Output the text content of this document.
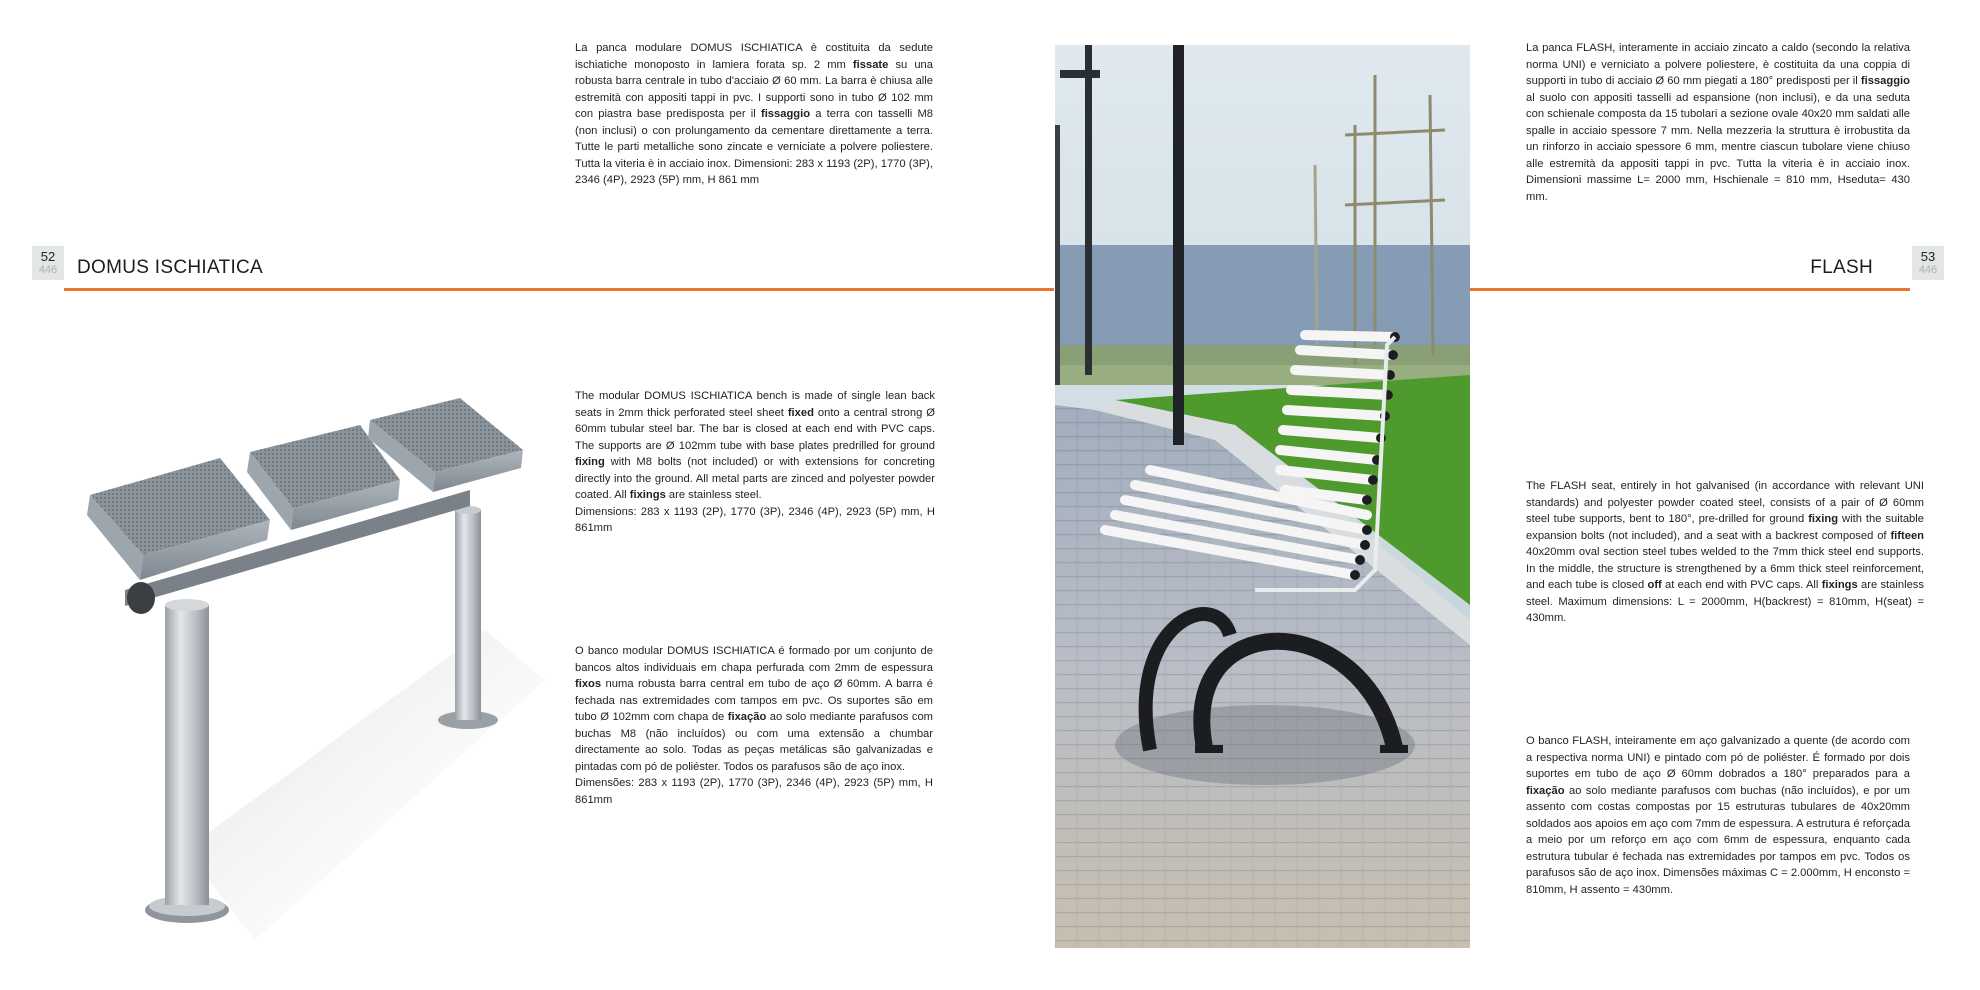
52
446	DOMUS ISCHIATICA

La panca modulare DOMUS ISCHIATICA è costituita da sedute ischiatiche monoposto in lamiera forata sp. 2 mm fissate su una robusta barra centrale in tubo d'acciaio Ø 60 mm. La barra è chiusa alle estremità con appositi tappi in pvc. I supporti sono in tubo Ø 102 mm con piastra base predisposta per il fissaggio a terra con tasselli M8 (non inclusi) o con prolungamento da cementare direttamente a terra. Tutte le parti metalliche sono zincate e verniciate a polvere poliestere. Tutta la viteria è in acciaio inox. Dimensioni: 283 x 1193 (2P), 1770 (3P), 2346 (4P), 2923 (5P) mm, H 861 mm

The modular DOMUS ISCHIATICA bench is made of single lean back seats in 2mm thick perforated steel sheet fixed onto a central strong Ø 60mm tubular steel bar. The bar is closed at each end with PVC caps. The supports are Ø 102mm tube with base plates predrilled for ground fixing with M8 bolts (not included) or with extensions for concreting directly into the ground. All metal parts are zinced and polyester powder coated. All fixings are stainless steel.
Dimensions: 283 x 1193 (2P), 1770 (3P), 2346 (4P), 2923 (5P) mm, H 861mm

O banco modular DOMUS ISCHIATICA é formado por um conjunto de bancos altos individuais em chapa perfurada com 2mm de espessura fixos numa robusta barra central em tubo de aço Ø 60mm. A barra é fechada nas extremidades com tampos em pvc. Os suportes são em tubo Ø 102mm com chapa de fixação ao solo mediante parafusos com buchas M8 (não incluídos) ou com uma extensão a chumbar directamente ao solo. Todas as peças metálicas são galvanizadas e pintadas com pó de poliéster. Todos os parafusos são de aço inox.
Dimensões: 283 x 1193 (2P), 1770 (3P), 2346 (4P), 2923 (5P) mm, H 861mm

FLASH
53
446

La panca FLASH, interamente in acciaio zincato a caldo (secondo la relativa norma UNI) e verniciato a polvere poliestere, è costituita da una coppia di supporti in tubo di acciaio Ø 60 mm piegati a 180° predisposti per il fissaggio al suolo con appositi tasselli ad espansione (non inclusi), e da una seduta con schienale composta da 15 tubolari a sezione ovale 40x20 mm saldati alle spalle in acciaio spessore 7 mm. Nella mezzeria la struttura è irrobustita da un rinforzo in acciaio spessore 6 mm, mentre ciascun tubolare viene chiuso alle estremità da appositi tappi in pvc. Tutta la viteria è in acciaio inox. Dimensioni massime L= 2000 mm, Hschienale = 810 mm, Hseduta= 430 mm.

The FLASH seat, entirely in hot galvanised (in accordance with relevant UNI standards) and polyester powder coated steel, consists of a pair of Ø 60mm steel tube supports, bent to 180°, pre-drilled for ground fixing with the suitable expansion bolts (not included), and a seat with a backrest composed of fifteen 40x20mm oval section steel tubes welded to the 7mm thick steel end supports. In the middle, the structure is strengthened by a 6mm thick steel reinforcement, and each tube is closed off at each end with PVC caps. All fixings are stainless steel. Maximum dimensions: L = 2000mm, H(backrest) = 810mm, H(seat) = 430mm.

O banco FLASH, inteiramente em aço galvanizado a quente (de acordo com a respectiva norma UNI) e pintado com pó de poliéster. É formado por dois suportes em tubo de aço Ø 60mm dobrados a 180° preparados para a fixação ao solo mediante parafusos com buchas (não incluídos), e por um assento com costas compostas por 15 estruturas tubulares de 40x20mm soldados aos apoios em aço com 7mm de espessura. A estrutura é reforçada a meio por um reforço em aço com 6mm de espessura, enquanto cada estrutura tubular é fechada nas extremidades por tampos em pvc. Todos os parafusos são de aço inox. Dimensões máximas C = 2.000mm, H enconsto = 810mm, H assento = 430mm.
